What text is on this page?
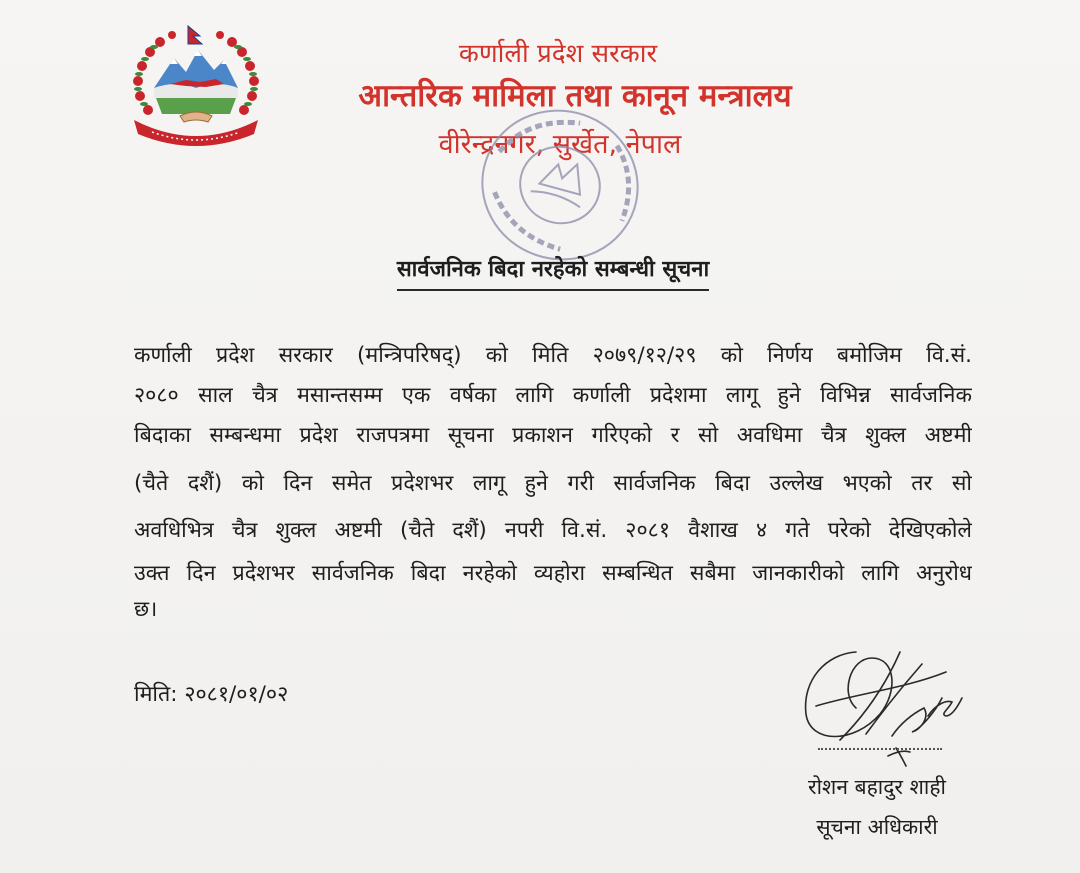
कर्णाली प्रदेश सरकार
आन्तरिक मामिला तथा कानून मन्त्रालय
वीरेन्द्रनगर, सुर्खेत, नेपाल
सार्वजनिक बिदा नरहेको सम्बन्धी सूचना
कर्णाली प्रदेश सरकार (मन्त्रिपरिषद्) को मिति २०७९/१२/२९ को निर्णय बमोजिम वि.सं.
२०८० साल चैत्र मसान्तसम्म एक वर्षका लागि कर्णाली प्रदेशमा लागू हुने विभिन्न सार्वजनिक
बिदाका सम्बन्धमा प्रदेश राजपत्रमा सूचना प्रकाशन गरिएको र सो अवधिमा चैत्र शुक्ल अष्टमी
(चैते दशैं) को दिन समेत प्रदेशभर लागू हुने गरी सार्वजनिक बिदा उल्लेख भएको तर सो
अवधिभित्र चैत्र शुक्ल अष्टमी (चैते दशैं) नपरी वि.सं. २०८१ वैशाख ४ गते परेको देखिएकोले
उक्त दिन प्रदेशभर सार्वजनिक बिदा नरहेको व्यहोरा सम्बन्धित सबैमा जानकारीको लागि अनुरोध
छ।
मिति: २०८१/०१/०२
रोशन बहादुर शाही
सूचना अधिकारी
